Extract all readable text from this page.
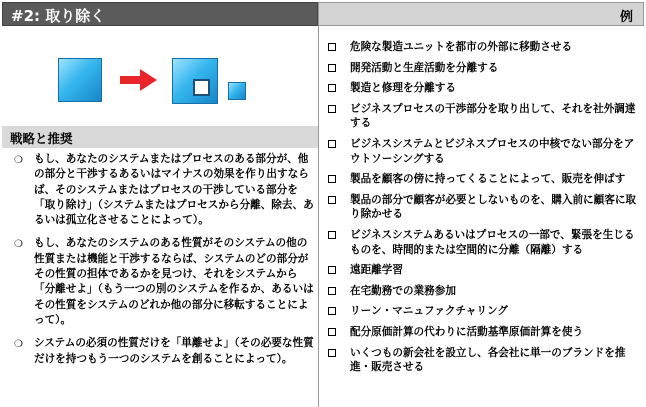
#2: 取り除く	例
戦略と推奨
❍ もし、あなたのシステムまたはプロセスのある部分が、他の部分と干渉するあるいはマイナスの効果を作り出すならば、そのシステムまたはプロセスの干渉している部分を「取り除け」（システムまたはプロセスから分離、除去、あるいは孤立化させることによって）。
❍ もし、あなたのシステムのある性質がそのシステムの他の性質または機能と干渉するならば、システムのどの部分がその性質の担体であるかを見つけ、それをシステムから「分離せよ」（もう一つの別のシステムを作るか、あるいはその性質をシステムのどれか他の部分に移転することによって）。
❍ システムの必須の性質だけを「単離せよ」（その必要な性質だけを持つもう一つのシステムを創ることによって）。
危険な製造ユニットを都市の外部に移動させる
開発活動と生産活動を分離する
製造と修理を分離する
ビジネスプロセスの干渉部分を取り出して、それを社外調達する
ビジネスシステムとビジネスプロセスの中核でない部分をアウトソーシングする
製品を顧客の傍に持ってくることによって、販売を伸ばす
製品の部分で顧客が必要としないものを、購入前に顧客に取り除かせる
ビジネスシステムあるいはプロセスの一部で、緊張を生じるものを、時間的または空間的に分離（隔離）する
遠距離学習
在宅勤務での業務参加
リーン・マニュファクチャリング
配分原価計算の代わりに活動基準原価計算を使う
いくつもの新会社を設立し、各会社に単一のブランドを推進・販売させる
